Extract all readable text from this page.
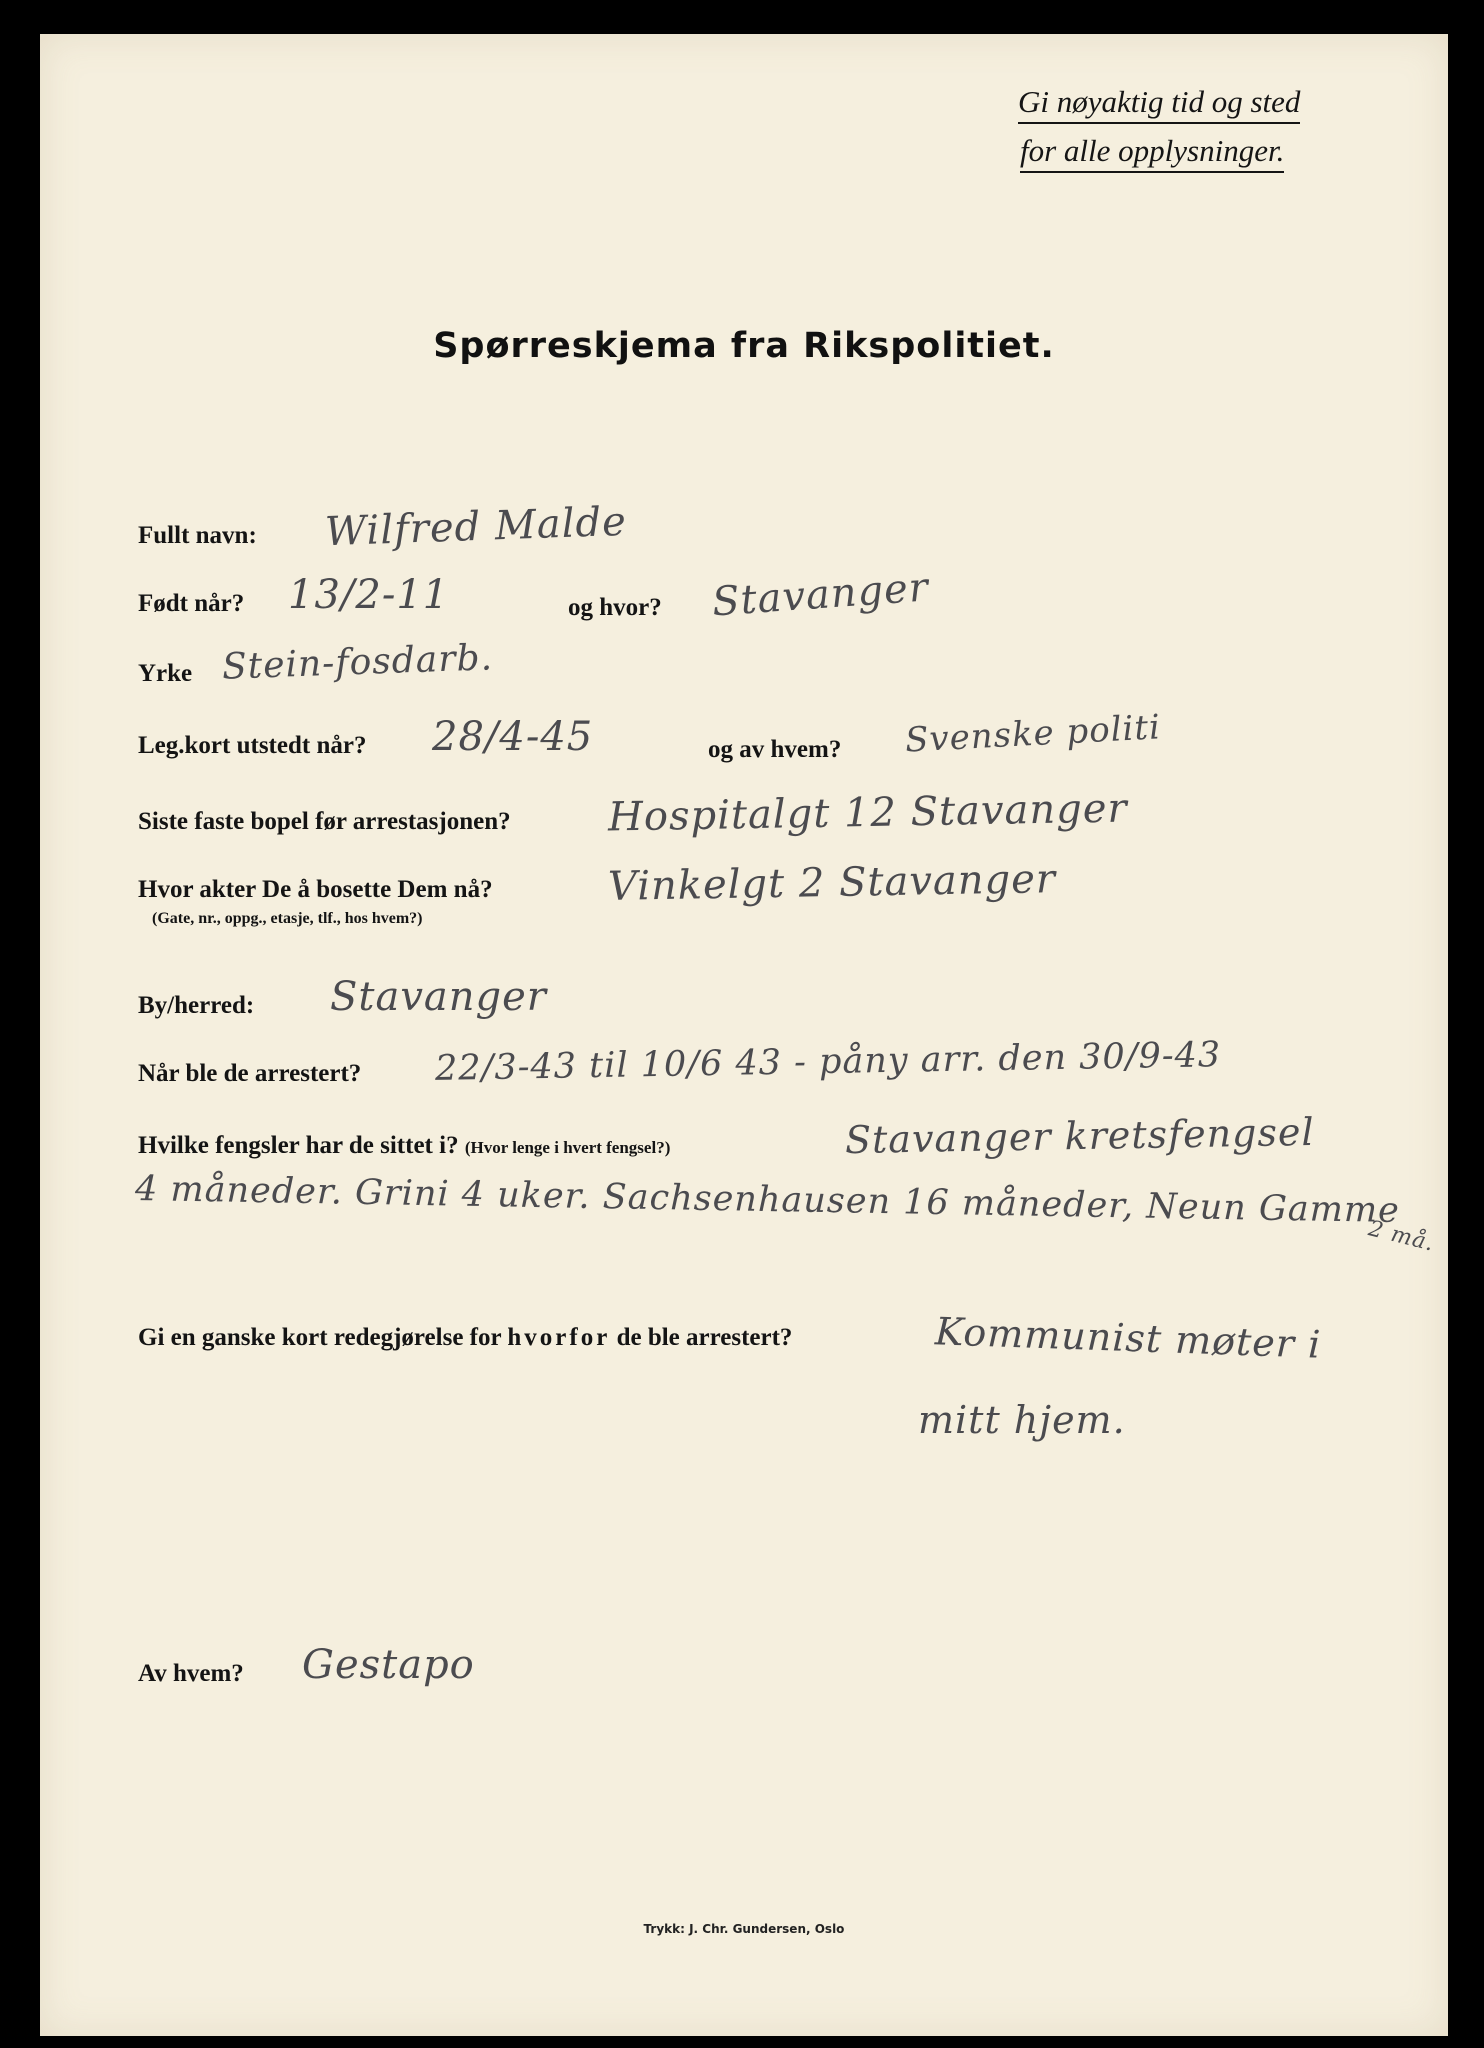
Gi nøyaktig tid og sted
for alle opplysninger.
Spørreskjema fra Rikspolitiet.
Fullt navn: Wilfred Malde
Født når? 13/2-11	og hvor? Stavanger
Yrke Stein-fosdarb.
Leg.kort utstedt når? 28/4-45	og av hvem? Svenske politi
Siste faste bopel før arrestasjonen? Hospitalgt 12 Stavanger
Hvor akter De å bosette Dem nå?
(Gate, nr., oppg., etasje, tlf., hos hvem?)
Vinkelgt 2 Stavanger
By/herred: Stavanger
Når ble de arrestert? 22/3-43 til 10/6 43 - påny arr. den 30/9-43
Hvilke fengsler har de sittet i? (Hvor lenge i hvert fengsel?)	Stavanger kretsfengsel
4 måneder. Grini 4 uker. Sachsenhausen 16 måneder, Neun Gamme
2 må.
Gi en ganske kort redegjørelse for hvorfor de ble arrestert?	Kommunist møter i
mitt hjem.
Av hvem? Gestapo
Trykk: J. Chr. Gundersen, Oslo
